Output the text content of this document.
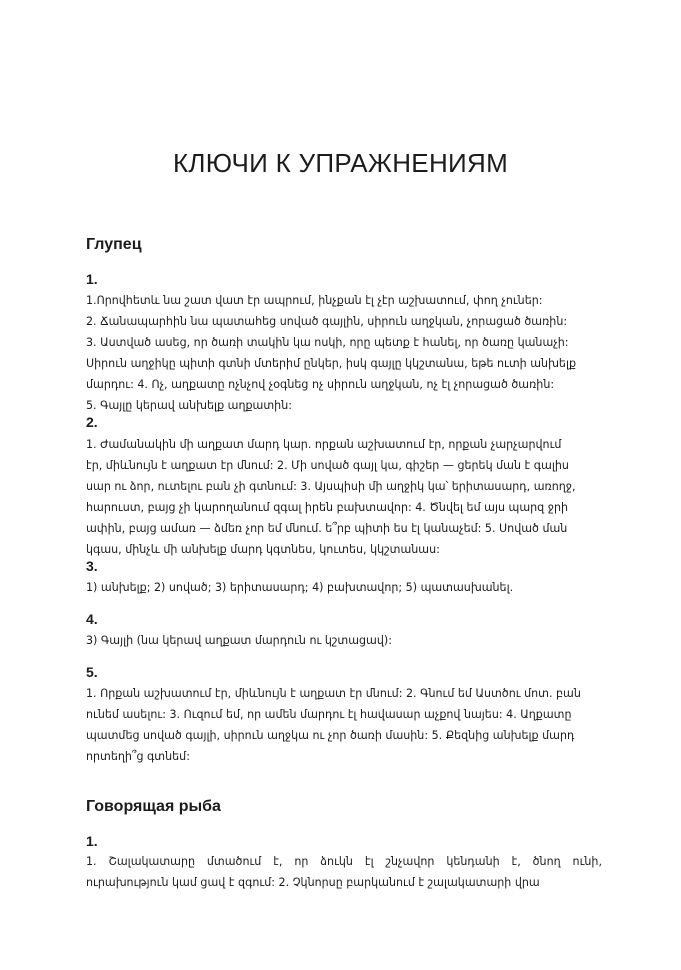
КЛЮЧИ К УПРАЖНЕНИЯМ
Глупец
1.
1.Որովհետև նա շատ վատ էր ապրում, ինչքան էլ չէր աշխատում, փող չուներ:
2. Ճանապարհին նա պատահեց սոված գայլին, սիրուն աղջկան, չորացած ծառին:
3. Աստված ասեց, որ ծառի տակին կա ոսկի, որը պետք է հանել, որ ծառը կանաչի:
Սիրուն աղջիկը պիտի գտնի մտերիմ ընկեր, իսկ գայլը կկշտանա, եթե ուտի անխելք
մարդու: 4. Ոչ, աղքատը ոչնչով չօգնեց ոչ սիրուն աղջկան, ոչ էլ չորացած ծառին:
5. Գայլը կերավ անխելք աղքատին:
2.
1. Ժամանակին մի աղքատ մարդ կար. որքան աշխատում էր, որքան չարչարվում
էր, միևնույն է աղքատ էր մնում: 2. Մի սոված գայլ կա, գիշեր — ցերեկ ման է գալիս
սար ու ձոր, ուտելու բան չի գտնում: 3. Այսպիսի մի աղջիկ կա՝ երիտասարդ, առողջ,
հարուստ, բայց չի կարողանում զգալ իրեն բախտավոր: 4. Ծնվել եմ այս պարզ ջրի
ափին, բայց ամառ — ձմեռ չոր եմ մնում. ե՞րբ պիտի ես էլ կանաչեմ: 5. Սոված ման
կգաս, մինչև մի անխելք մարդ կգտնես, կուտես, կկշտանաս:
3.
1) անխելք; 2) սոված; 3) երիտասարդ; 4) բախտավոր; 5) պատասխանել.
4.
3) Գայլի (նա կերավ աղքատ մարդուն ու կշտացավ):
5.
1. Որքան աշխատում էր, միևնույն է աղքատ էր մնում: 2. Գնում եմ Աստծու մոտ. բան
ունեմ ասելու: 3. Ուզում եմ, որ ամեն մարդու էլ հավասար աչքով նայես: 4. Աղքատը
պատմեց սոված գայլի, սիրուն աղջկա ու չոր ծառի մասին: 5. Քեզնից անխելք մարդ
որտեղի՞ց գտնեմ:
Говорящая рыба
1.
1. Շալակատարը մտածում է, որ ձուկն էլ շնչավոր կենդանի է, ծնող ունի,
ուրախություն կամ ցավ է զգում: 2. Չկնորսը բարկանում է շալակատարի վրա
